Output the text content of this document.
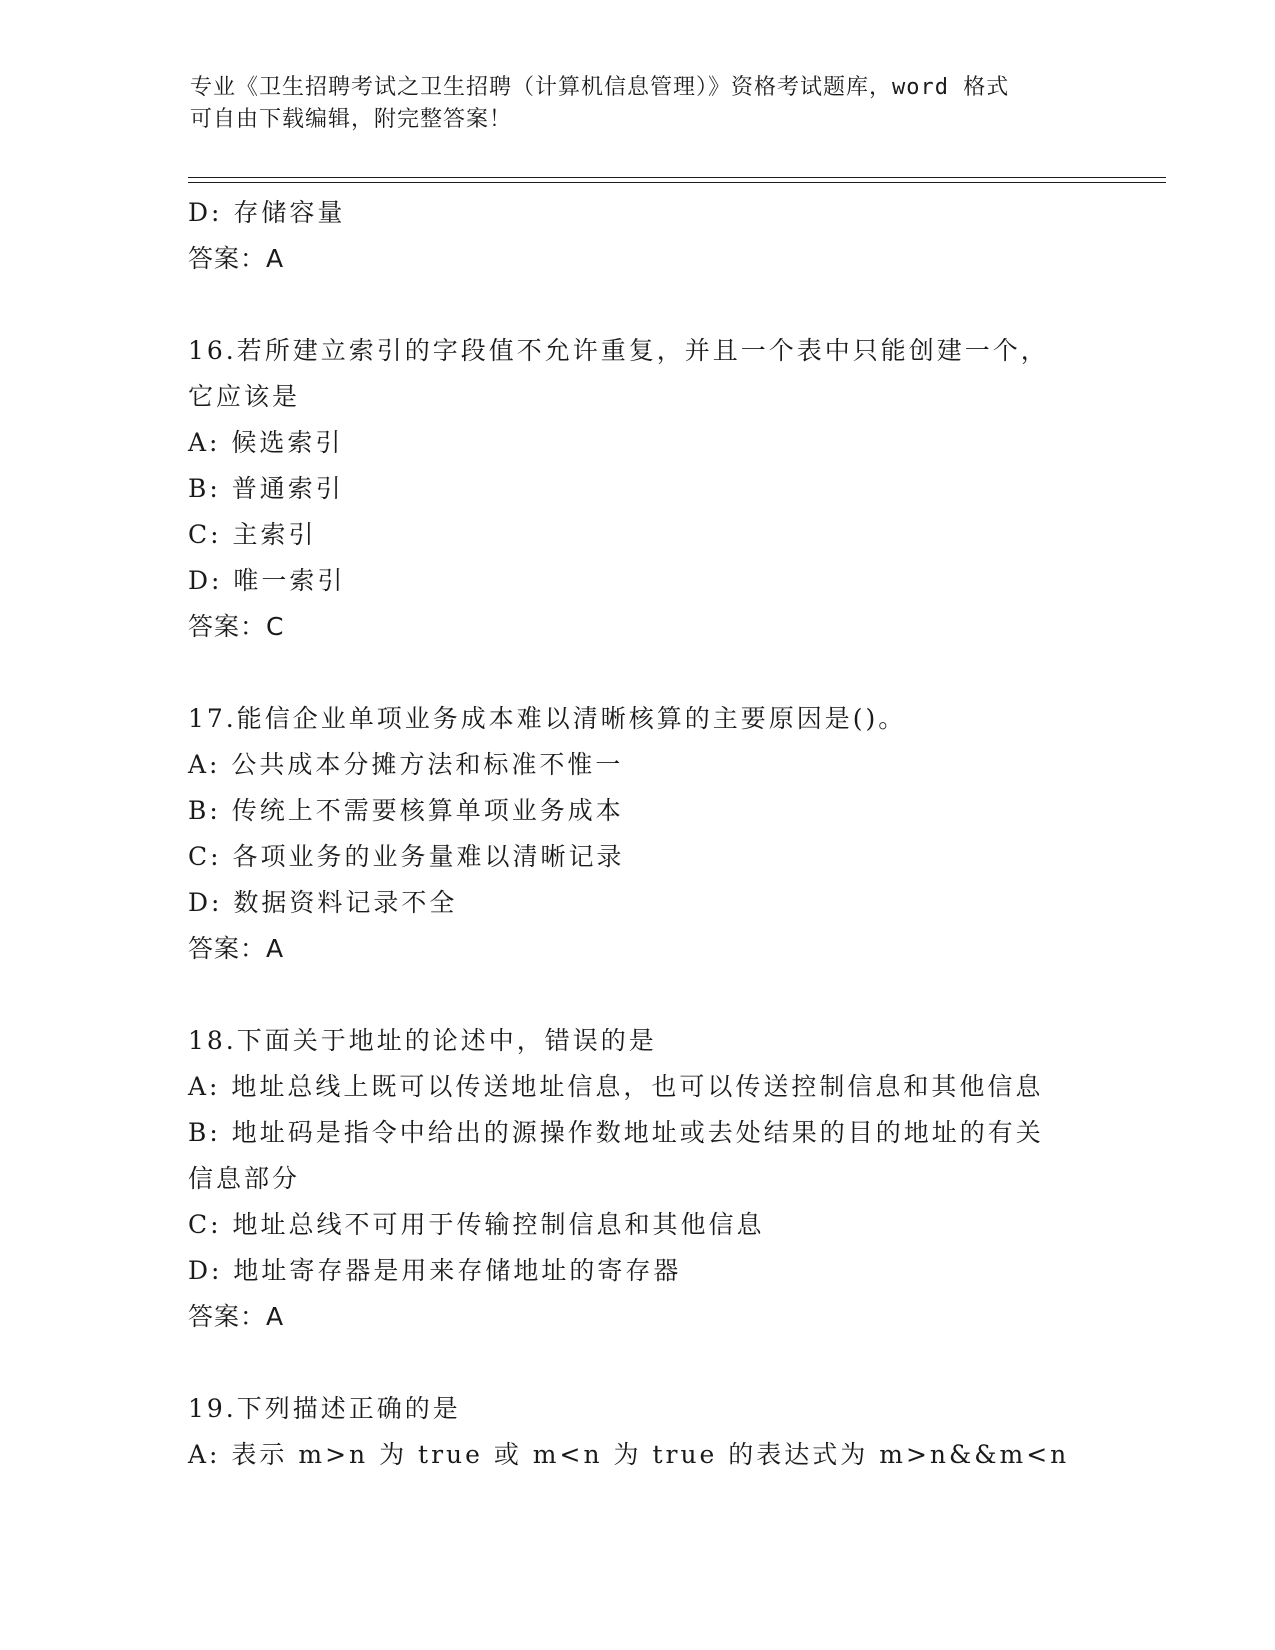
专业《卫生招聘考试之卫生招聘（计算机信息管理）》资格考试题库，word 格式
可自由下载编辑，附完整答案！
D: 存储容量
答案：A
16.若所建立索引的字段值不允许重复，并且一个表中只能创建一个，
它应该是
A: 候选索引
B: 普通索引
C: 主索引
D: 唯一索引
答案：C
17.能信企业单项业务成本难以清晰核算的主要原因是()。
A: 公共成本分摊方法和标准不惟一
B: 传统上不需要核算单项业务成本
C: 各项业务的业务量难以清晰记录
D: 数据资料记录不全
答案：A
18.下面关于地址的论述中，错误的是
A: 地址总线上既可以传送地址信息，也可以传送控制信息和其他信息
B: 地址码是指令中给出的源操作数地址或去处结果的目的地址的有关
信息部分
C: 地址总线不可用于传输控制信息和其他信息
D: 地址寄存器是用来存储地址的寄存器
答案：A
19.下列描述正确的是
A: 表示 m>n 为 true 或 m<n 为 true 的表达式为 m>n&&m<n
